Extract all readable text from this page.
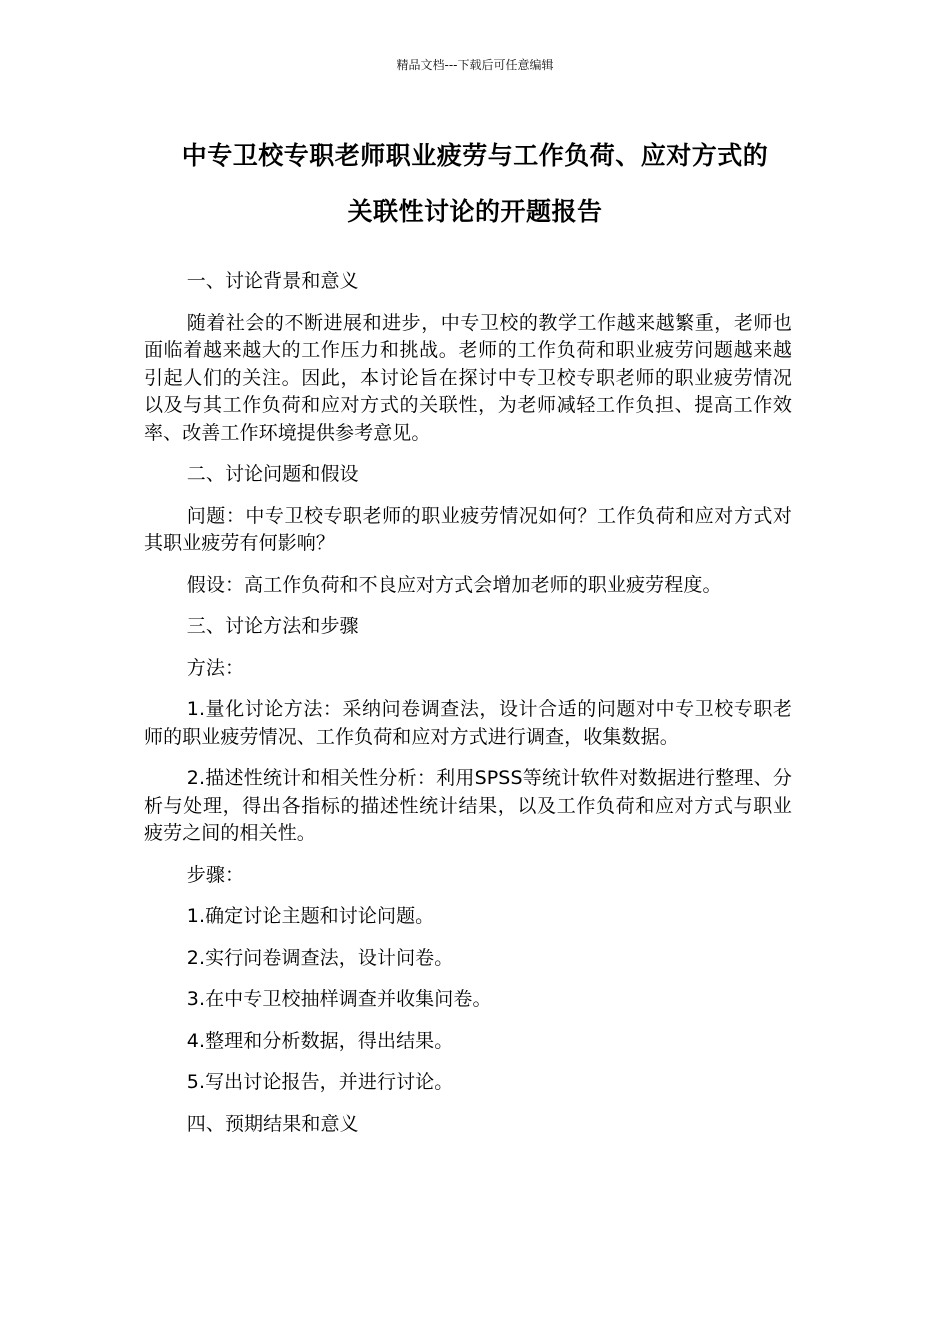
精品文档---下载后可任意编辑
中专卫校专职老师职业疲劳与工作负荷、应对方式的
关联性讨论的开题报告

一、讨论背景和意义

随着社会的不断进展和进步，中专卫校的教学工作越来越繁重，老师也面临着越来越大的工作压力和挑战。老师的工作负荷和职业疲劳问题越来越引起人们的关注。因此，本讨论旨在探讨中专卫校专职老师的职业疲劳情况以及与其工作负荷和应对方式的关联性，为老师减轻工作负担、提高工作效率、改善工作环境提供参考意见。

二、讨论问题和假设

问题：中专卫校专职老师的职业疲劳情况如何？工作负荷和应对方式对其职业疲劳有何影响？

假设：高工作负荷和不良应对方式会增加老师的职业疲劳程度。

三、讨论方法和步骤

方法：

1.量化讨论方法：采纳问卷调查法，设计合适的问题对中专卫校专职老师的职业疲劳情况、工作负荷和应对方式进行调查，收集数据。

2.描述性统计和相关性分析：利用SPSS等统计软件对数据进行整理、分析与处理，得出各指标的描述性统计结果，以及工作负荷和应对方式与职业疲劳之间的相关性。

步骤：

1.确定讨论主题和讨论问题。

2.实行问卷调查法，设计问卷。

3.在中专卫校抽样调查并收集问卷。

4.整理和分析数据，得出结果。

5.写出讨论报告，并进行讨论。

四、预期结果和意义
